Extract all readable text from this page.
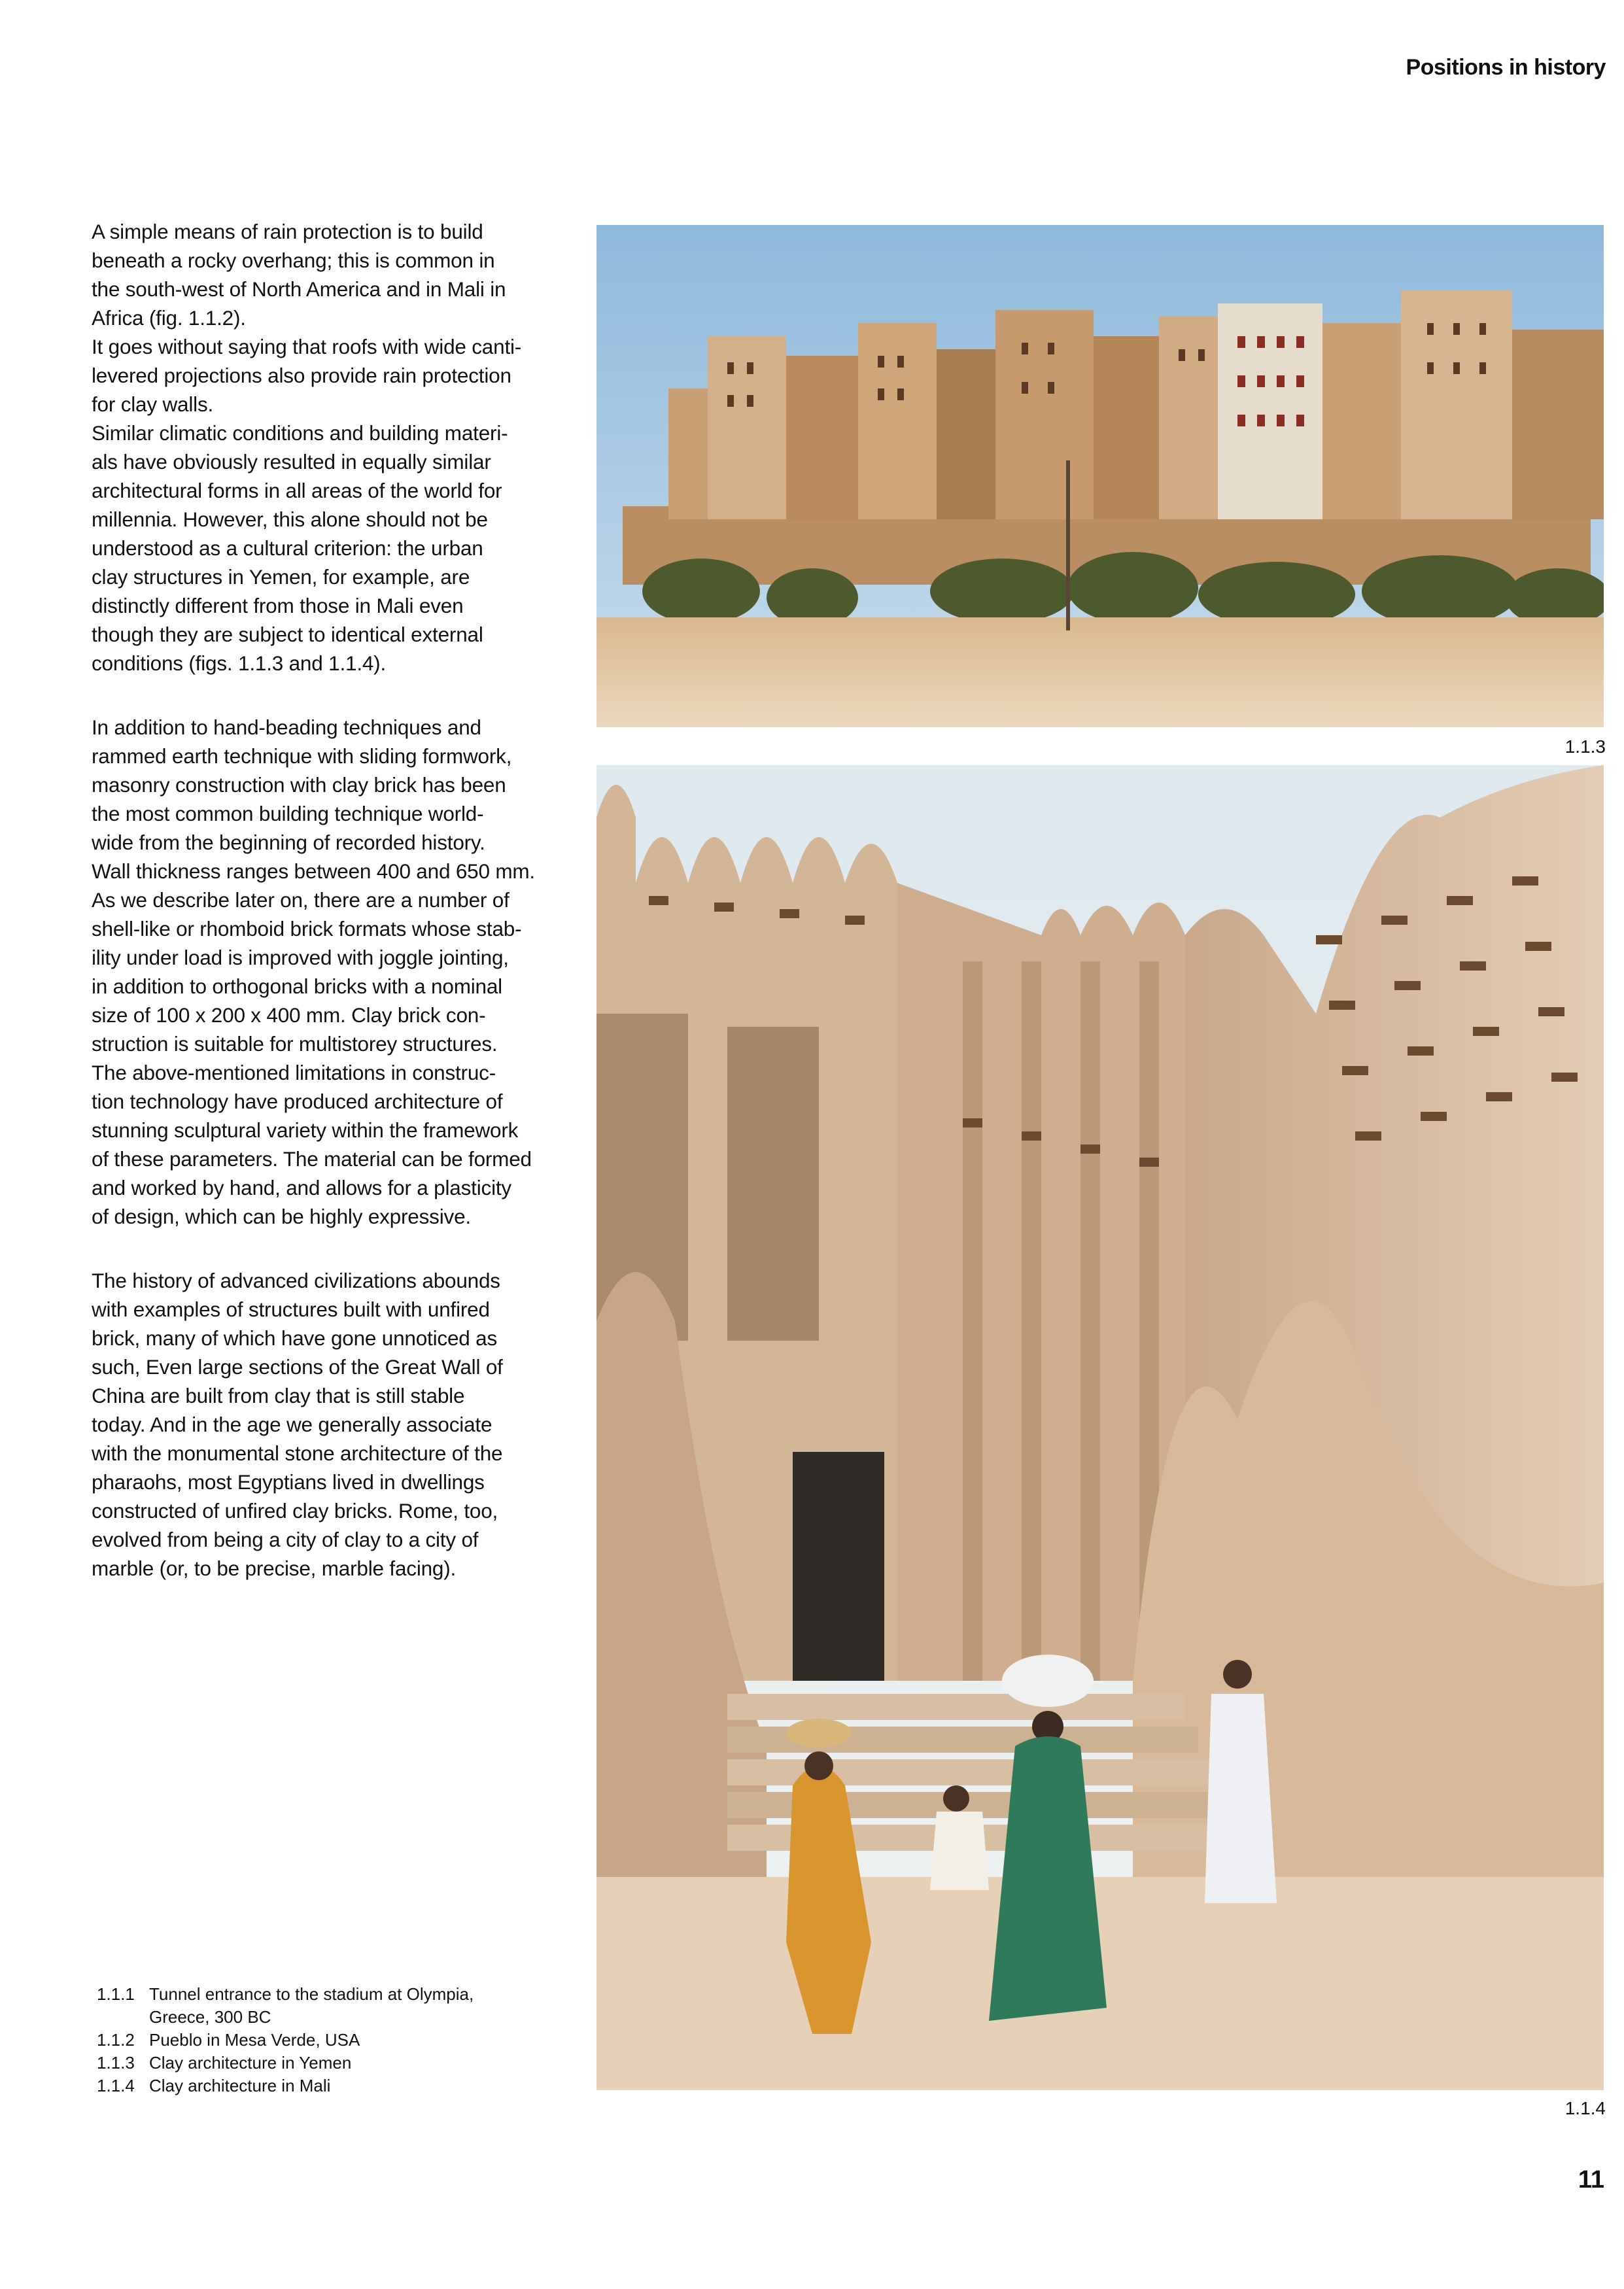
Positions in history

A simple means of rain protection is to build
beneath a rocky overhang; this is common in
the south-west of North America and in Mali in
Africa (fig. 1.1.2).
It goes without saying that roofs with wide canti-
levered projections also provide rain protection
for clay walls.
Similar climatic conditions and building materi-
als have obviously resulted in equally similar
architectural forms in all areas of the world for
millennia. However, this alone should not be
understood as a cultural criterion: the urban
clay structures in Yemen, for example, are
distinctly different from those in Mali even
though they are subject to identical external
conditions (figs. 1.1.3 and 1.1.4).

In addition to hand-beading techniques and
rammed earth technique with sliding formwork,
masonry construction with clay brick has been
the most common building technique world-
wide from the beginning of recorded history.
Wall thickness ranges between 400 and 650 mm.
As we describe later on, there are a number of
shell-like or rhomboid brick formats whose stab-
ility under load is improved with joggle jointing,
in addition to orthogonal bricks with a nominal
size of 100 x 200 x 400 mm. Clay brick con-
struction is suitable for multistorey structures.
The above-mentioned limitations in construc-
tion technology have produced architecture of
stunning sculptural variety within the framework
of these parameters. The material can be formed
and worked by hand, and allows for a plasticity
of design, which can be highly expressive.

The history of advanced civilizations abounds
with examples of structures built with unfired
brick, many of which have gone unnoticed as
such, Even large sections of the Great Wall of
China are built from clay that is still stable
today. And in the age we generally associate
with the monumental stone architecture of the
pharaohs, most Egyptians lived in dwellings
constructed of unfired clay bricks. Rome, too,
evolved from being a city of clay to a city of
marble (or, to be precise, marble facing).

1.1.1 Tunnel entrance to the stadium at Olympia,
Greece, 300 BC
1.1.2 Pueblo in Mesa Verde, USA
1.1.3 Clay architecture in Yemen
1.1.4 Clay architecture in Mali
1.1.3
1.1.4
11
